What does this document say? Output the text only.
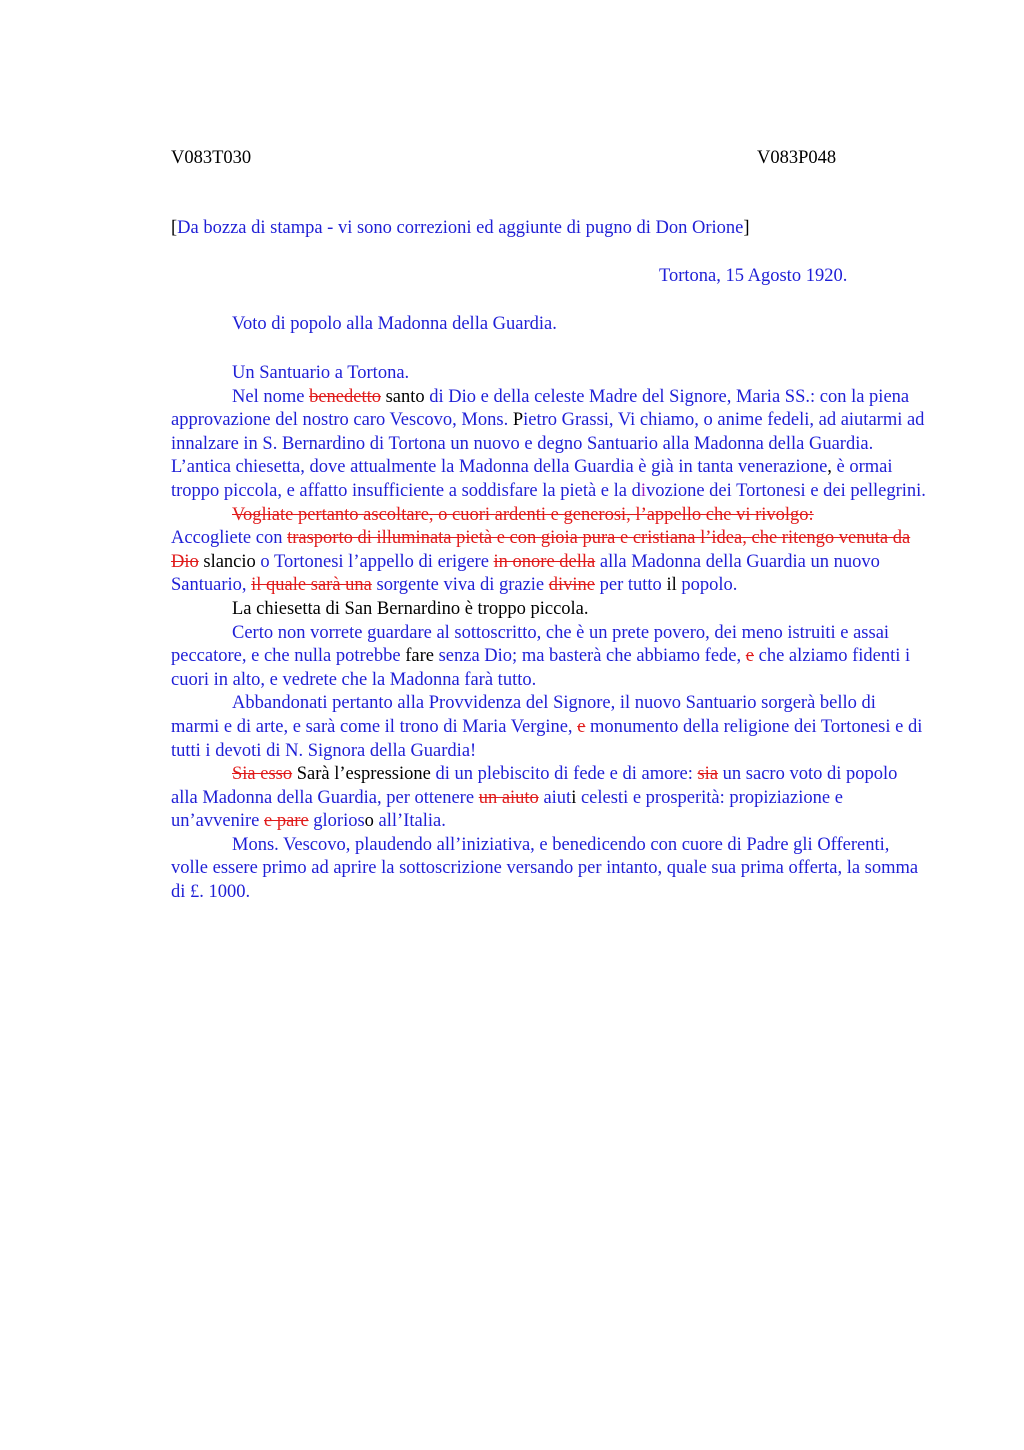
V083T030	V083P048
[Da bozza di stampa - vi sono correzioni ed aggiunte di pugno di Don Orione]
Tortona, 15 Agosto 1920.
Voto di popolo alla Madonna della Guardia.

Un Santuario a Tortona.

Nel nome benedetto santo di Dio e della celeste Madre del Signore, Maria SS.: con la piena approvazione del nostro caro Vescovo, Mons. Pietro Grassi, Vi chiamo, o anime fedeli, ad aiutarmi ad innalzare in S. Bernardino di Tortona un nuovo e degno Santuario alla Madonna della Guardia. L’antica chiesetta, dove attualmente la Madonna della Guardia è già in tanta venerazione, è ormai troppo piccola, e affatto insufficiente a soddisfare la pietà e la divozione dei Tortonesi e dei pellegrini.

Vogliate pertanto ascoltare, o cuori ardenti e generosi, l’appello che vi rivolgo:

Accogliete con trasporto di illuminata pietà e con gioia pura e cristiana l’idea, che ritengo venuta da Dio slancio o Tortonesi l’appello di erigere in onore della alla Madonna della Guardia un nuovo Santuario, il quale sarà una sorgente viva di grazie divine per tutto il popolo.

La chiesetta di San Bernardino è troppo piccola.

Certo non vorrete guardare al sottoscritto, che è un prete povero, dei meno istruiti e assai peccatore, e che nulla potrebbe fare senza Dio; ma basterà che abbiamo fede, e che alziamo fidenti i cuori in alto, e vedrete che la Madonna farà tutto.

Abbandonati pertanto alla Provvidenza del Signore, il nuovo Santuario sorgerà bello di marmi e di arte, e sarà come il trono di Maria Vergine, e monumento della religione dei Tortonesi e di tutti i devoti di N. Signora della Guardia!

Sia esso Sarà l’espressione di un plebiscito di fede e di amore: sia un sacro voto di popolo alla Madonna della Guardia, per ottenere un aiuto aiuti celesti e prosperità: propiziazione e un’avvenire e pare glorioso all’Italia.

Mons. Vescovo, plaudendo all’iniziativa, e benedicendo con cuore di Padre gli Offerenti, volle essere primo ad aprire la sottoscrizione versando per intanto, quale sua prima offerta, la somma di £. 1000.
